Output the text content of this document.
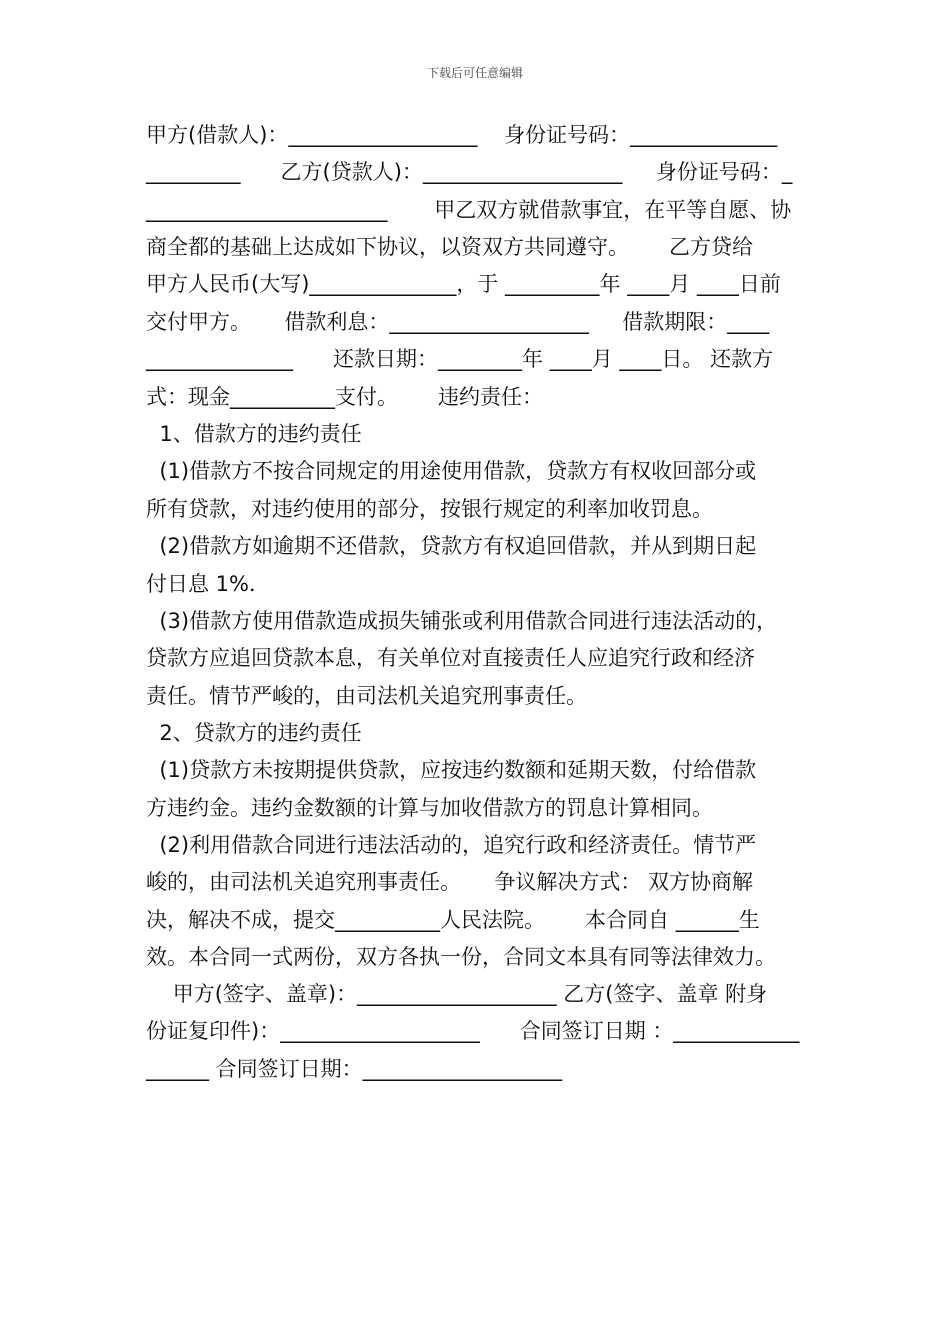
下载后可任意编辑
甲方(借款人)：__________________    身份证号码：______________
_________      乙方(贷款人)：___________________     身份证号码：_
_______________________       甲乙双方就借款事宜，在平等自愿、协
商全都的基础上达成如下协议，以资双方共同遵守。      乙方贷给
甲方人民币(大写)______________，于 _________年 ____月 ____日前
交付甲方。     借款利息：___________________     借款期限：____
______________      还款日期：________年 ____月 ____日。 还款方
式：现金__________支付。      违约责任：
1、借款方的违约责任
(1)借款方不按合同规定的用途使用借款，贷款方有权收回部分或
所有贷款，对违约使用的部分，按银行规定的利率加收罚息。
(2)借款方如逾期不还借款，贷款方有权追回借款，并从到期日起
付日息 1%．
(3)借款方使用借款造成损失铺张或利用借款合同进行违法活动的，
贷款方应追回贷款本息，有关单位对直接责任人应追究行政和经济
责任。情节严峻的，由司法机关追究刑事责任。
2、贷款方的违约责任
(1)贷款方未按期提供贷款，应按违约数额和延期天数，付给借款
方违约金。违约金数额的计算与加收借款方的罚息计算相同。
(2)利用借款合同进行违法活动的，追究行政和经济责任。情节严
峻的，由司法机关追究刑事责任。     争议解决方式： 双方协商解
决，解决不成，提交__________人民法院。      本合同自 ______生
效。本合同一式两份，双方各执一份，合同文本具有同等法律效力。
甲方(签字、盖章)：___________________ 乙方(签字、盖章 附身
份证复印件)：___________________      合同签订日期 ：____________
______ 合同签订日期：___________________
